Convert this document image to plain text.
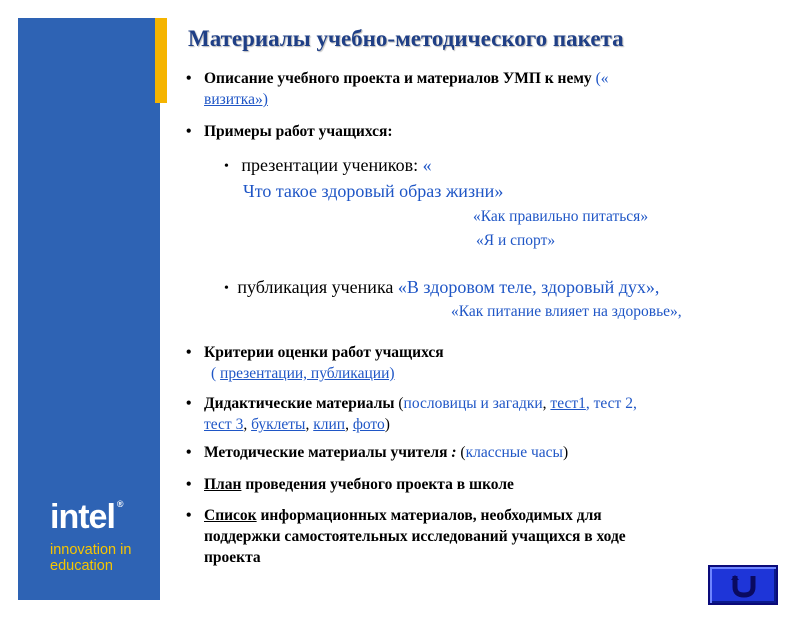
intel ®
innovation in
education
Материалы учебно-методического пакета
• Описание учебного проекта и материалов УМП к нему («
визитка»)
• Примеры работ учащихся:
• презентации учеников: «
Что такое здоровый образ жизни»
«Как правильно питаться»
«Я и спорт»
• публикация ученика «В здоровом теле, здоровый дух»,
«Как питание влияет на здоровье»,
• Критерии оценки работ учащихся
( презентации, публикации)
• Дидактические материалы (пословицы и загадки, тест1, тест 2,
тест 3, буклеты, клип, фото)
• Методические материалы учителя : (классные часы)
• План проведения учебного проекта в школе
• Список информационных материалов, необходимых для
поддержки самостоятельных исследований учащихся в ходе
проекта
